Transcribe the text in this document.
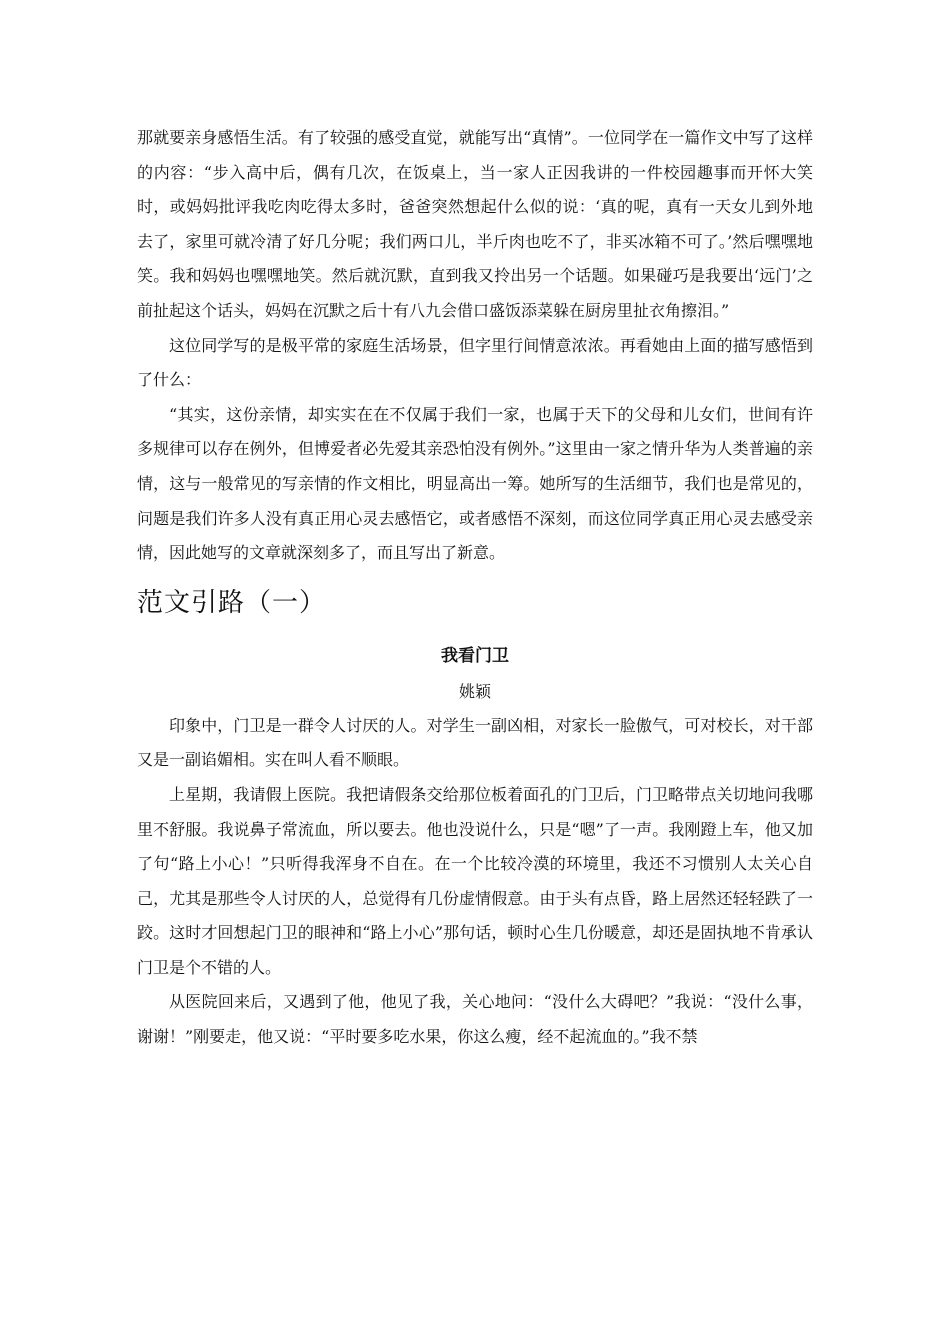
那就要亲身感悟生活。有了较强的感受直觉，就能写出“真情”。一位同学在一篇作文中写了这样的内容：“步入高中后，偶有几次，在饭桌上，当一家人正因我讲的一件校园趣事而开怀大笑时，或妈妈批评我吃肉吃得太多时，爸爸突然想起什么似的说：‘真的呢，真有一天女儿到外地去了，家里可就冷清了好几分呢；我们两口儿，半斤肉也吃不了，非买冰箱不可了。’然后嘿嘿地笑。我和妈妈也嘿嘿地笑。然后就沉默，直到我又拎出另一个话题。如果碰巧是我要出‘远门’之前扯起这个话头，妈妈在沉默之后十有八九会借口盛饭添菜躲在厨房里扯衣角擦泪。”

这位同学写的是极平常的家庭生活场景，但字里行间情意浓浓。再看她由上面的描写感悟到了什么：

“其实，这份亲情，却实实在在不仅属于我们一家，也属于天下的父母和儿女们，世间有许多规律可以存在例外，但博爱者必先爱其亲恐怕没有例外。”这里由一家之情升华为人类普遍的亲情，这与一般常见的写亲情的作文相比，明显高出一筹。她所写的生活细节，我们也是常见的，问题是我们许多人没有真正用心灵去感悟它，或者感悟不深刻，而这位同学真正用心灵去感受亲情，因此她写的文章就深刻多了，而且写出了新意。

范文引路（一）
我看门卫
姚颖

印象中，门卫是一群令人讨厌的人。对学生一副凶相，对家长一脸傲气，可对校长，对干部又是一副谄媚相。实在叫人看不顺眼。

上星期，我请假上医院。我把请假条交给那位板着面孔的门卫后，门卫略带点关切地问我哪里不舒服。我说鼻子常流血，所以要去。他也没说什么，只是“嗯”了一声。我刚蹬上车，他又加了句“路上小心！”只听得我浑身不自在。在一个比较冷漠的环境里，我还不习惯别人太关心自己，尤其是那些令人讨厌的人，总觉得有几份虚情假意。由于头有点昏，路上居然还轻轻跌了一跤。这时才回想起门卫的眼神和“路上小心”那句话，顿时心生几份暖意，却还是固执地不肯承认门卫是个不错的人。

从医院回来后，又遇到了他，他见了我，关心地问：“没什么大碍吧？”我说：“没什么事，谢谢！”刚要走，他又说：“平时要多吃水果，你这么瘦，经不起流血的。”我不禁
